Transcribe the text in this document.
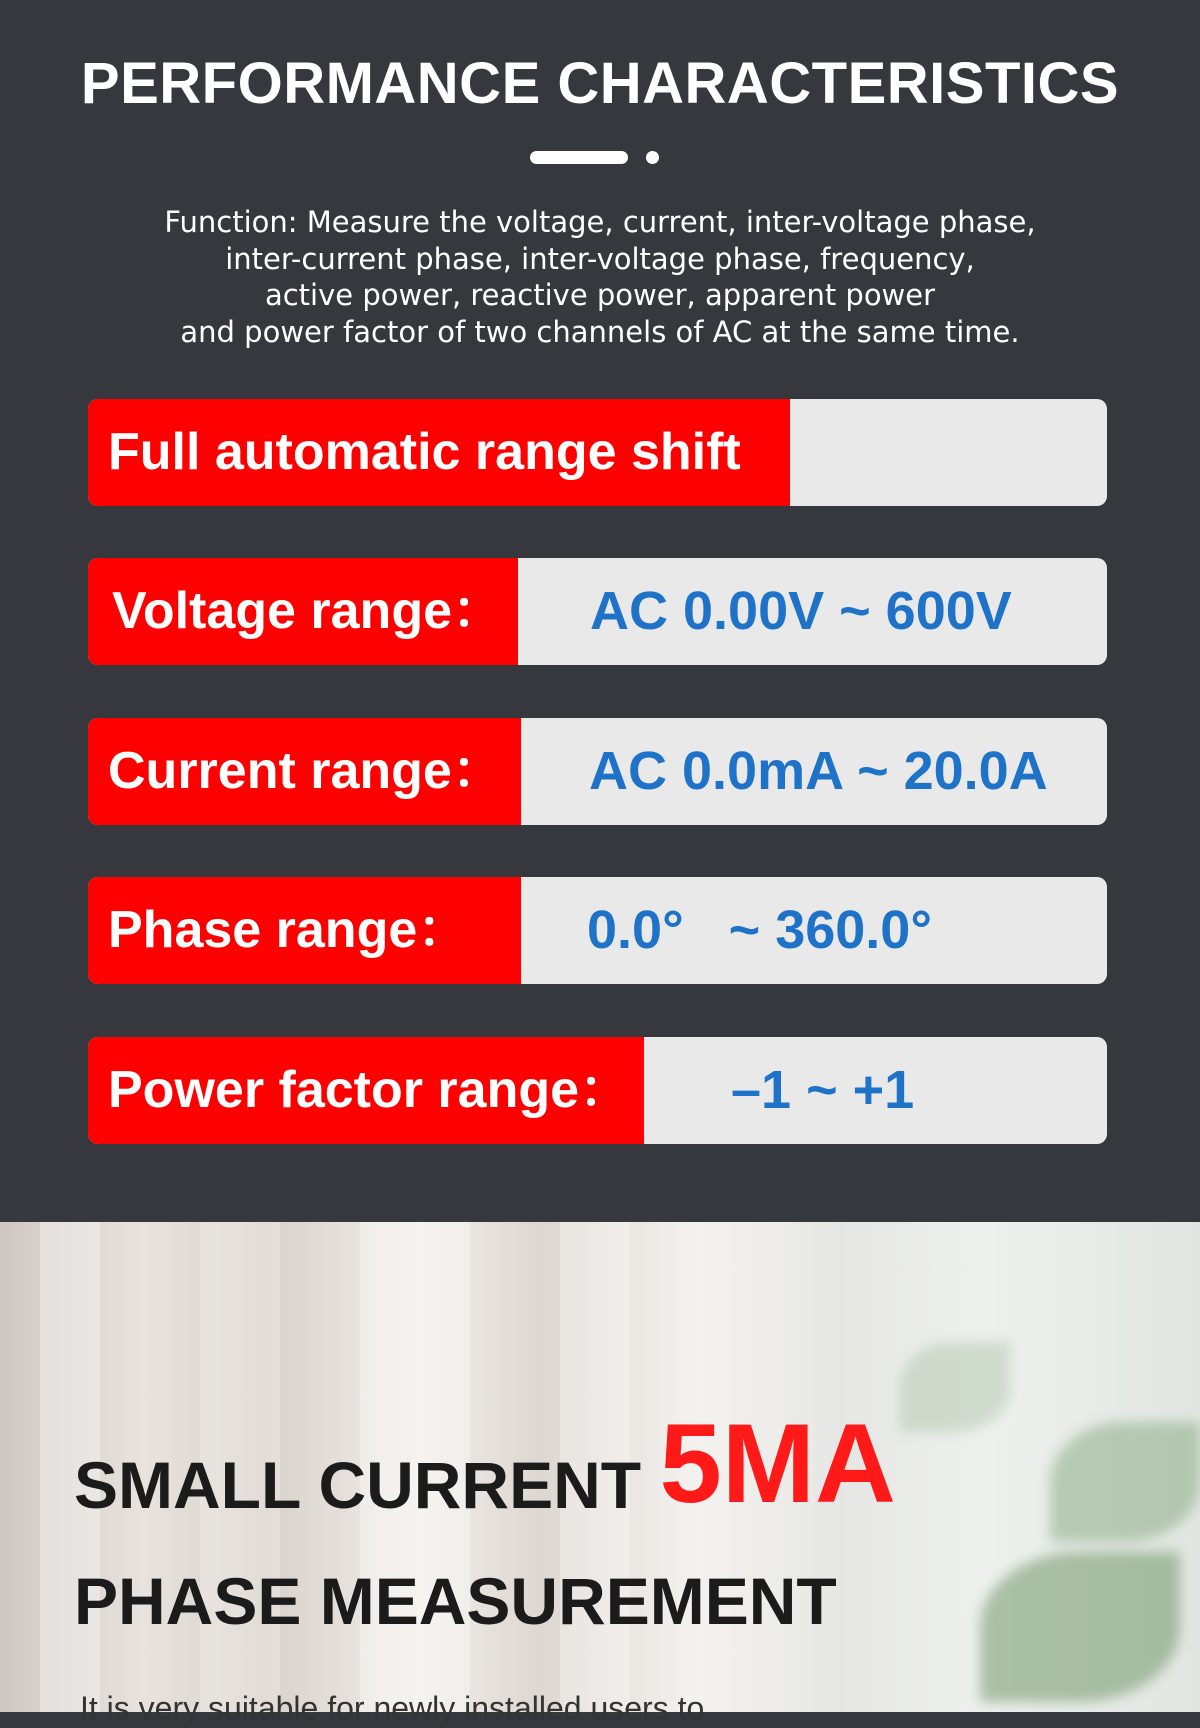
PERFORMANCE CHARACTERISTICS
Function: Measure the voltage, current, inter-voltage phase,
inter-current phase, inter-voltage phase, frequency,
active power, reactive power, apparent power
and power factor of two channels of AC at the same time.
Full automatic range shift
Voltage range： AC 0.00V ~ 600V
Current range：	AC 0.0mA ~ 20.0A
Phase range：	0.0°   ~ 360.0°
Power factor range： –1 ~ +1
SMALL CURRENT 5MA
PHASE MEASUREMENT
It is very suitable for newly installed users to
